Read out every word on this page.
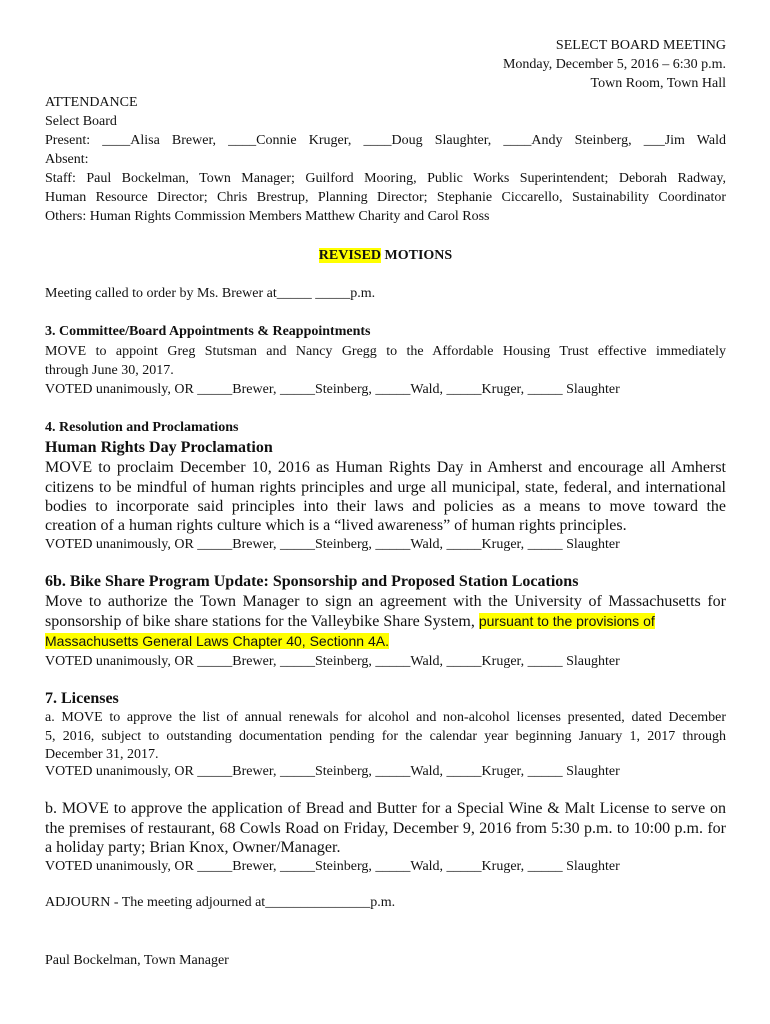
SELECT BOARD MEETING
Monday, December 5, 2016 – 6:30 p.m.
Town Room, Town Hall
ATTENDANCE
Select Board
Present: ____Alisa Brewer, ____Connie Kruger, ____Doug Slaughter, ____Andy Steinberg, ___Jim Wald
Absent:
Staff: Paul Bockelman, Town Manager; Guilford Mooring, Public Works Superintendent; Deborah Radway,
Human Resource Director; Chris Brestrup, Planning Director; Stephanie Ciccarello, Sustainability Coordinator
Others: Human Rights Commission Members Matthew Charity and Carol Ross
REVISED MOTIONS
Meeting called to order by Ms. Brewer at_____ _____p.m.
3. Committee/Board Appointments & Reappointments
MOVE to appoint Greg Stutsman and Nancy Gregg to the Affordable Housing Trust effective immediately
through June 30, 2017.
VOTED unanimously, OR _____Brewer, _____Steinberg, _____Wald, _____Kruger, _____ Slaughter
4. Resolution and Proclamations
Human Rights Day Proclamation
MOVE to proclaim December 10, 2016 as Human Rights Day in Amherst and encourage all Amherst
citizens to be mindful of human rights principles and urge all municipal, state, federal, and international
bodies to incorporate said principles into their laws and policies as a means to move toward the
creation of a human rights culture which is a “lived awareness” of human rights principles.
VOTED unanimously, OR _____Brewer, _____Steinberg, _____Wald, _____Kruger, _____ Slaughter
6b. Bike Share Program Update: Sponsorship and Proposed Station Locations
Move to authorize the Town Manager to sign an agreement with the University of Massachusetts for
sponsorship of bike share stations for the Valleybike Share System, pursuant to the provisions of
Massachusetts General Laws Chapter 40, Sectionn 4A.
VOTED unanimously, OR _____Brewer, _____Steinberg, _____Wald, _____Kruger, _____ Slaughter
7. Licenses
a. MOVE to approve the list of annual renewals for alcohol and non-alcohol licenses presented, dated December
5, 2016, subject to outstanding documentation pending for the calendar year beginning January 1, 2017 through
December 31, 2017.
VOTED unanimously, OR _____Brewer, _____Steinberg, _____Wald, _____Kruger, _____ Slaughter
b. MOVE to approve the application of Bread and Butter for a Special Wine & Malt License to serve on
the premises of restaurant, 68 Cowls Road on Friday, December 9, 2016 from 5:30 p.m. to 10:00 p.m. for
a holiday party; Brian Knox, Owner/Manager.
VOTED unanimously, OR _____Brewer, _____Steinberg, _____Wald, _____Kruger, _____ Slaughter
ADJOURN - The meeting adjourned at_______________p.m.
Paul Bockelman, Town Manager
